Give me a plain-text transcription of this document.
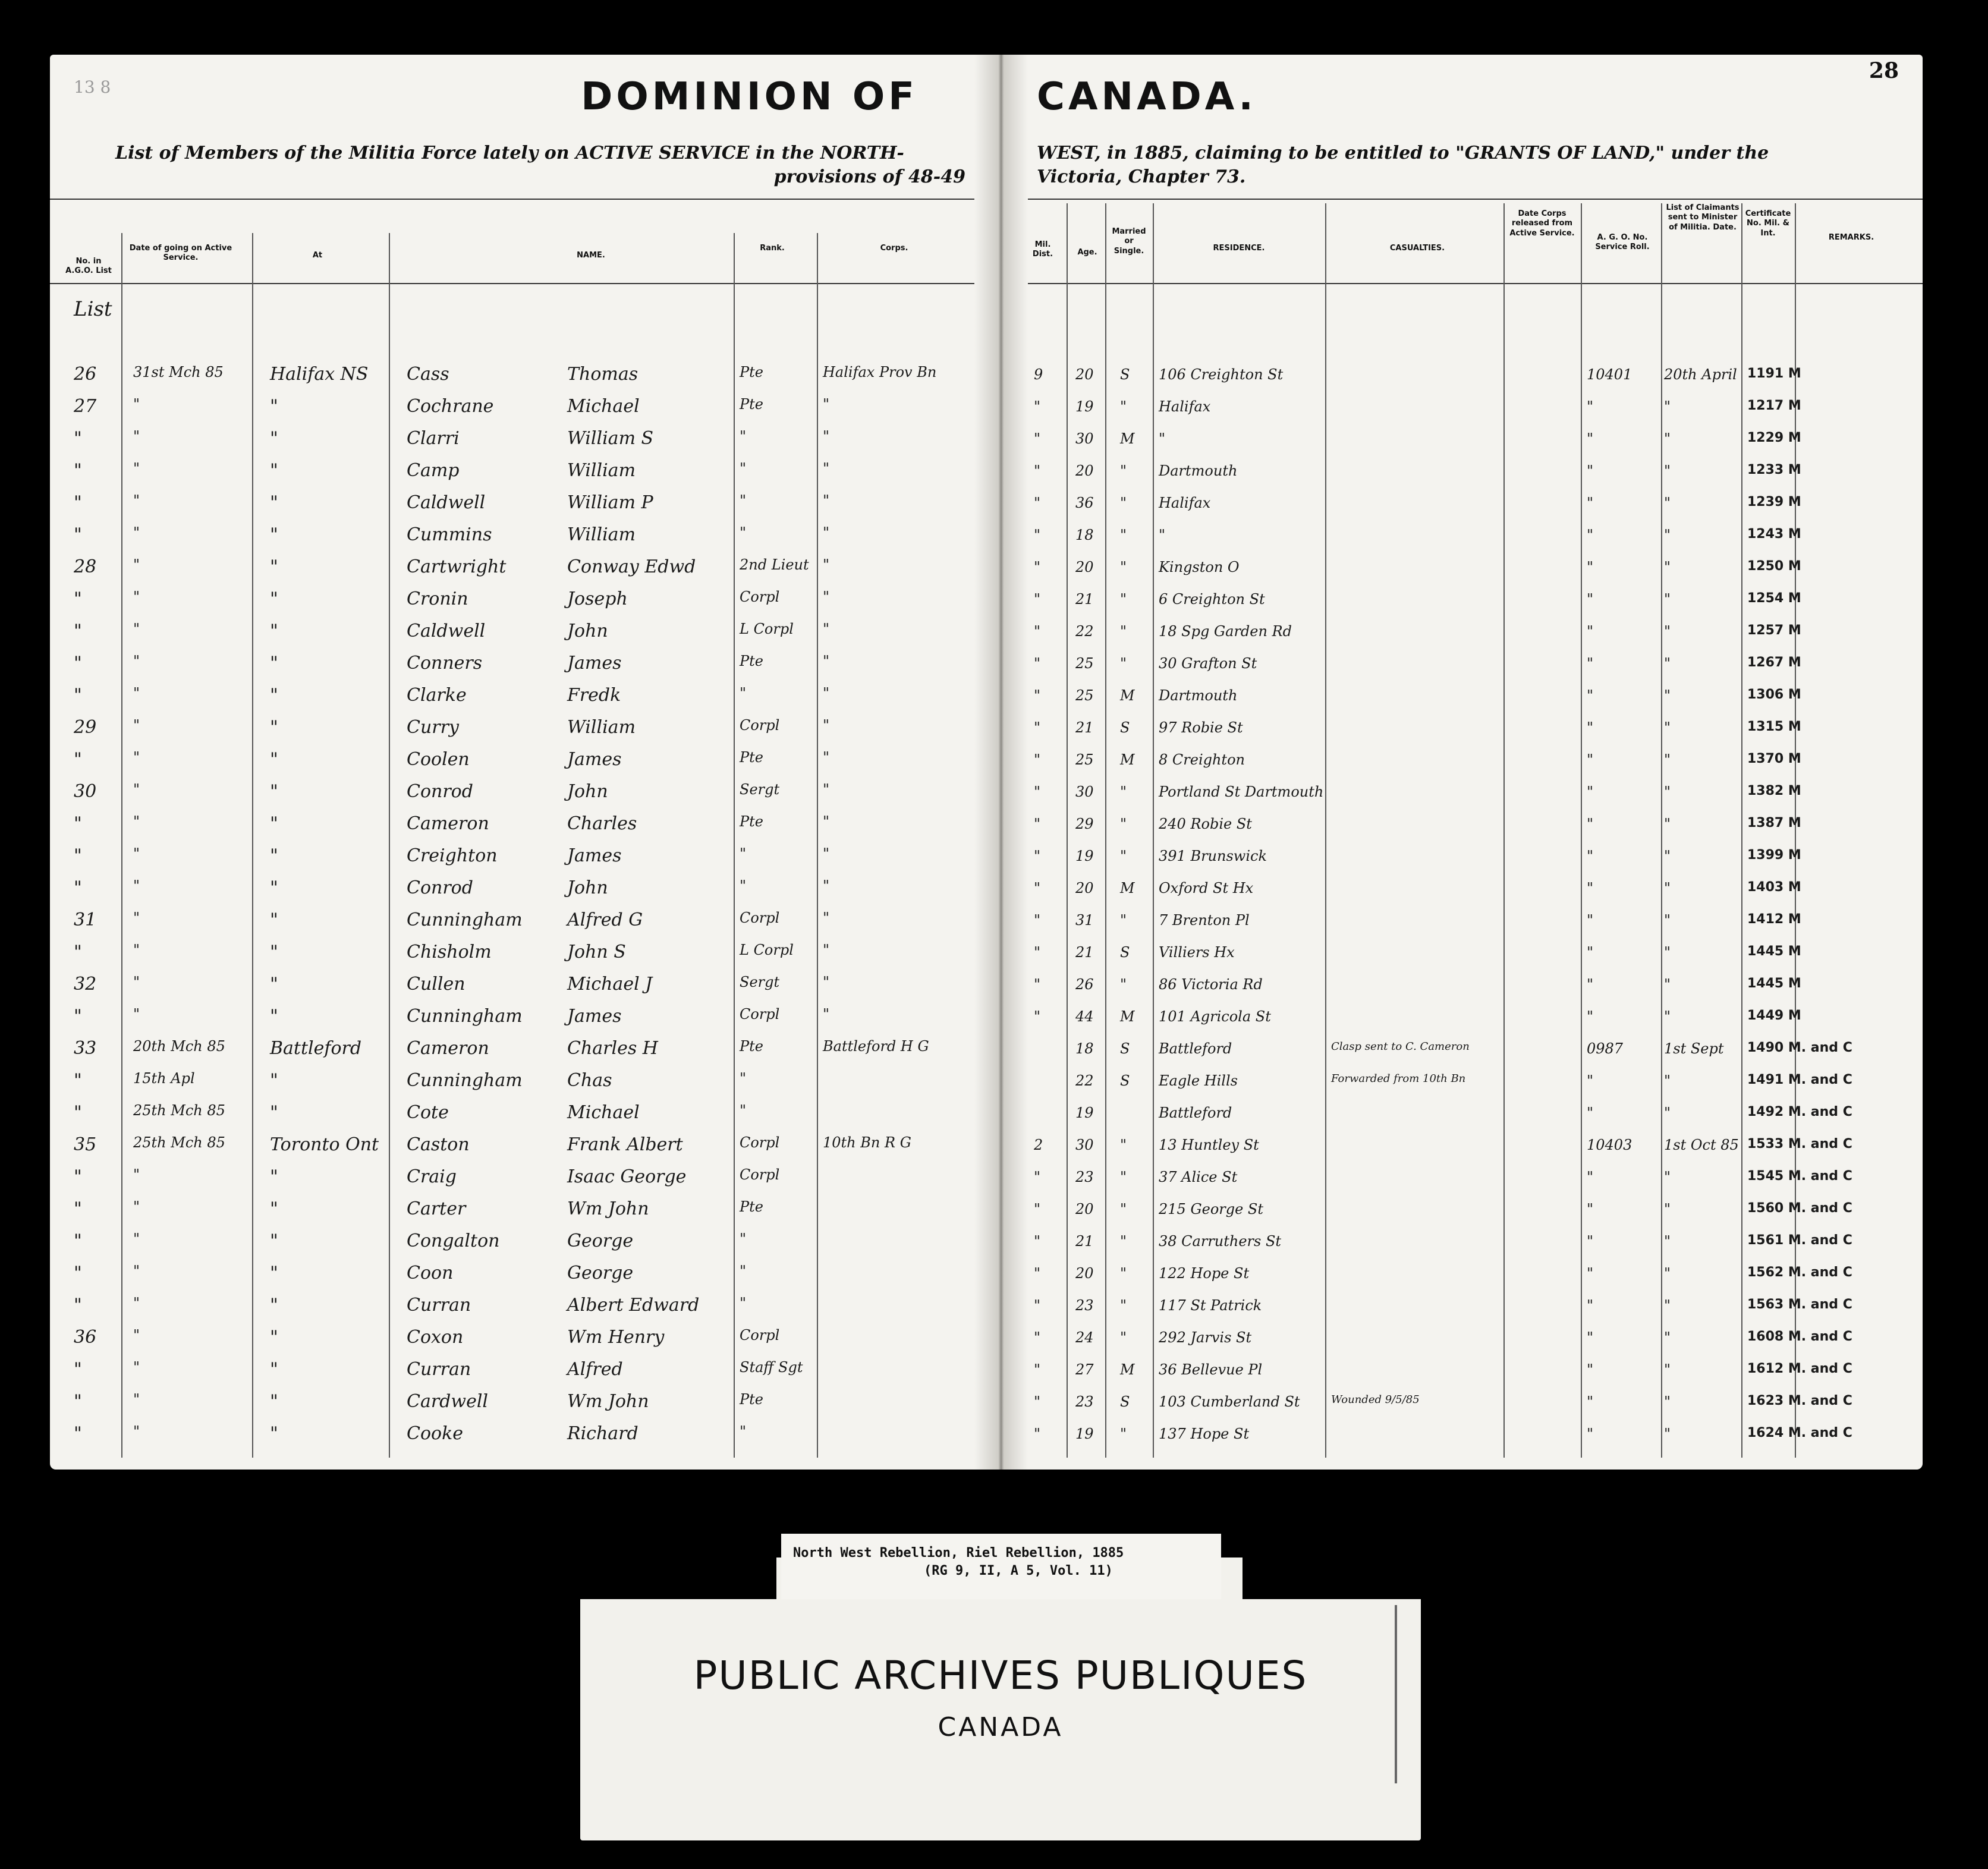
13 8	DOMINION OF
List of Members of the Militia Force lately on ACTIVE SERVICE in the NORTH-
provisions of 48-49
No. in A.G.O. List
Date of going on Active Service.	At	NAME.
Rank.	Corps.
List
26	31st Mch 85	Halifax NS Cass	Thomas	Pte	Halifax Prov Bn
27	"	"	Cochrane	Michael	Pte	"
"	"	"	Clarri	William S	"	"
"	"	"	Camp	William	"	"
"	"	"	Caldwell	William P	"	"
"	"	"	Cummins	William	"	"
28	"	"	Cartwright	Conway Edwd	2nd Lieut "
"	"	"	Cronin	Joseph	Corpl	"
"	"	"	Caldwell	John	L Corpl "
"	"	"	Conners	James	Pte	"
"	"	"	Clarke	Fredk	"	"
29	"	"	Curry	William	Corpl	"
"	"	"	Coolen	James	Pte	"
30	"	"	Conrod	John	Sergt	"
"	"	"	Cameron	Charles	Pte	"
"	"	"	Creighton	James	"	"
"	"	"	Conrod	John	"	"
31	"	"	Cunningham	Alfred G	Corpl	"
"	"	"	Chisholm	John S	L Corpl "
32	"	"	Cullen	Michael J	Sergt	"
"	"	"	Cunningham	James	Corpl	"
33	20th Mch 85	Battleford	Cameron	Charles H	Pte	Battleford H G
"	15th Apl	"	Cunningham	Chas	"
"	25th Mch 85	"	Cote	Michael	"
35	25th Mch 85	Toronto Ont Caston	Frank Albert	Corpl	10th Bn R G
"	"	"	Craig	Isaac George	Corpl
"	"	"	Carter	Wm John	Pte
"	"	"	Congalton	George	"
"	"	"	Coon	George	"
"	"	"	Curran	Albert Edward	"
36	"	"	Coxon	Wm Henry	Corpl
"	"	"	Curran	Alfred	Staff Sgt
"	"	"	Cardwell	Wm John	Pte
"	"	"	Cooke	Richard	"
28
CANADA.
WEST, in 1885, claiming to be entitled to "GRANTS OF LAND," under the
Victoria, Chapter 73.
Mil. Dist.	Age.
Married or Single.	RESIDENCE.	CASUALTIES.
Date Corps released from Active Service.	A. G. O. No. Service Roll.
List of Claimants sent to Minister of Militia. Date.
Certificate No. Mil. & Int.	REMARKS.
9 20 S 106 Creighton St	10401 20th April 1191 M
" 19 " Halifax	"	"	1217 M
" 30 M "	"	"	1229 M
" 20 " Dartmouth	"	"	1233 M
" 36 " Halifax	"	"	1239 M
" 18 " "	"	"	1243 M
" 20 " Kingston O	"	"	1250 M
" 21 " 6 Creighton St	"	"	1254 M
" 22 " 18 Spg Garden Rd	"	"	1257 M
" 25 " 30 Grafton St	"	"	1267 M
" 25 M Dartmouth	"	"	1306 M
" 21 S 97 Robie St	"	"	1315 M
" 25 M 8 Creighton	"	"	1370 M
" 30 " Portland St Dartmouth	"	"	1382 M
" 29 " 240 Robie St	"	"	1387 M
" 19 " 391 Brunswick	"	"	1399 M
" 20 M Oxford St Hx	"	"	1403 M
" 31 " 7 Brenton Pl	"	"	1412 M
" 21 S Villiers Hx	"	"	1445 M
" 26 " 86 Victoria Rd	"	"	1445 M
" 44 M 101 Agricola St	"	"	1449 M
18 S Battleford	Clasp sent to C. Cameron	0987	1st Sept 1490 M. and C
22 S Eagle Hills	Forwarded from 10th Bn	"	"	1491 M. and C
19	Battleford	"	"	1492 M. and C
2 30 " 13 Huntley St	10403 1st Oct 85 1533 M. and C
" 23 " 37 Alice St	"	"	1545 M. and C
" 20 " 215 George St	"	"	1560 M. and C
" 21 " 38 Carruthers St	"	"	1561 M. and C
" 20 " 122 Hope St	"	"	1562 M. and C
" 23 " 117 St Patrick	"	"	1563 M. and C
" 24 " 292 Jarvis St	"	"	1608 M. and C
" 27 M 36 Bellevue Pl	"	"	1612 M. and C
" 23 S 103 Cumberland St	Wounded 9/5/85	"	"	1623 M. and C
" 19 " 137 Hope St	"	"	1624 M. and C
North West Rebellion, Riel Rebellion, 1885
(RG 9, II, A 5, Vol. 11)
PUBLIC ARCHIVES PUBLIQUES
CANADA
